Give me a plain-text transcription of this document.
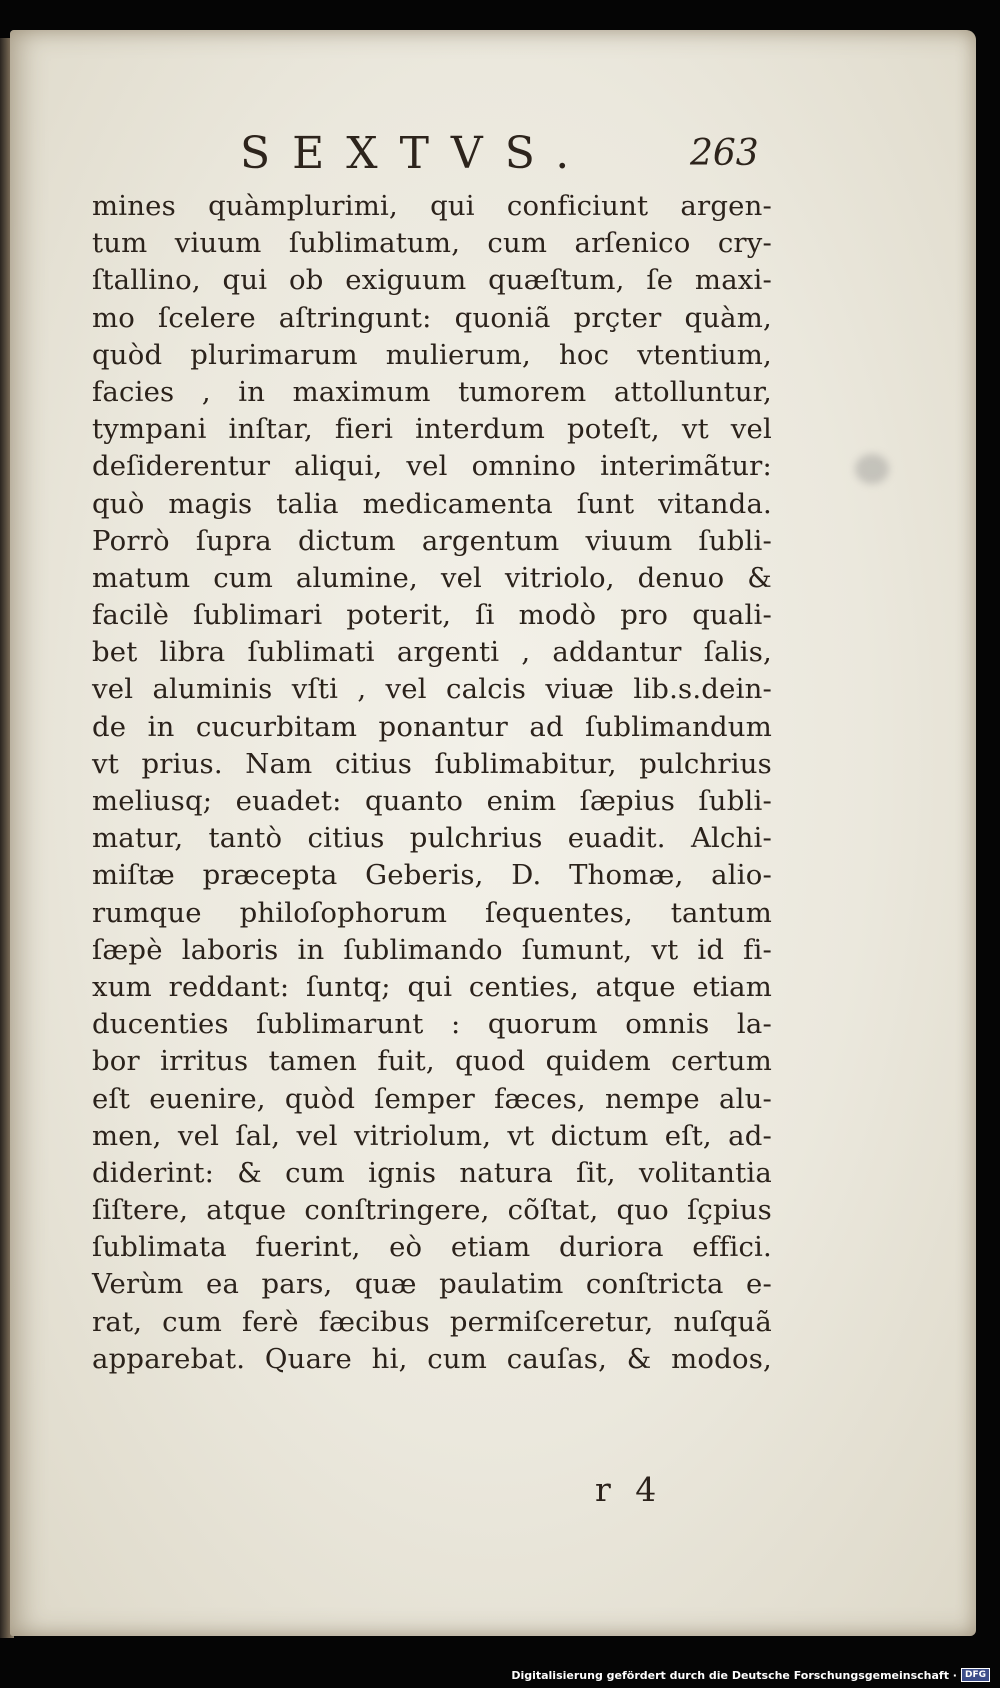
SEXTVS.	263
mines quàmplurimi, qui conficiunt argen-
tum viuum ſublimatum, cum arſenico cry-
ſtallino, qui ob exiguum quæſtum, ſe maxi-
mo ſcelere aſtringunt: quoniã prçter quàm,
quòd plurimarum mulierum, hoc vtentium,
facies , in maximum tumorem attolluntur,
tympani inſtar, fieri interdum poteſt, vt vel
deſiderentur aliqui, vel omnino interimãtur:
quò magis talia medicamenta ſunt vitanda.
Porrò ſupra dictum argentum viuum ſubli-
matum cum alumine, vel vitriolo, denuo &
facilè ſublimari poterit, ſi modò pro quali-
bet libra ſublimati argenti , addantur ſalis,
vel aluminis vſti , vel calcis viuæ lib.s.dein-
de in cucurbitam ponantur ad ſublimandum
vt prius. Nam citius ſublimabitur, pulchrius
meliusq; euadet: quanto enim ſæpius ſubli-
matur, tantò citius pulchrius euadit. Alchi-
miſtæ præcepta Geberis, D. Thomæ, alio-
rumque philoſophorum ſequentes, tantum
ſæpè laboris in ſublimando ſumunt, vt id fi-
xum reddant: ſuntq; qui centies, atque etiam
ducenties ſublimarunt : quorum omnis la-
bor irritus tamen fuit, quod quidem certum
eſt euenire, quòd ſemper fæces, nempe alu-
men, vel ſal, vel vitriolum, vt dictum eſt, ad-
diderint: & cum ignis natura ſit, volitantia
ſiſtere, atque conſtringere, cõſtat, quo ſçpius
ſublimata fuerint, eò etiam duriora effici.
Verùm ea pars, quæ paulatim conſtricta e-
rat, cum ferè fæcibus permiſceretur, nuſquã
apparebat. Quare hi, cum cauſas, & modos,
r 4
Digitalisierung gefördert durch die Deutsche Forschungsgemeinschaft · DFG
